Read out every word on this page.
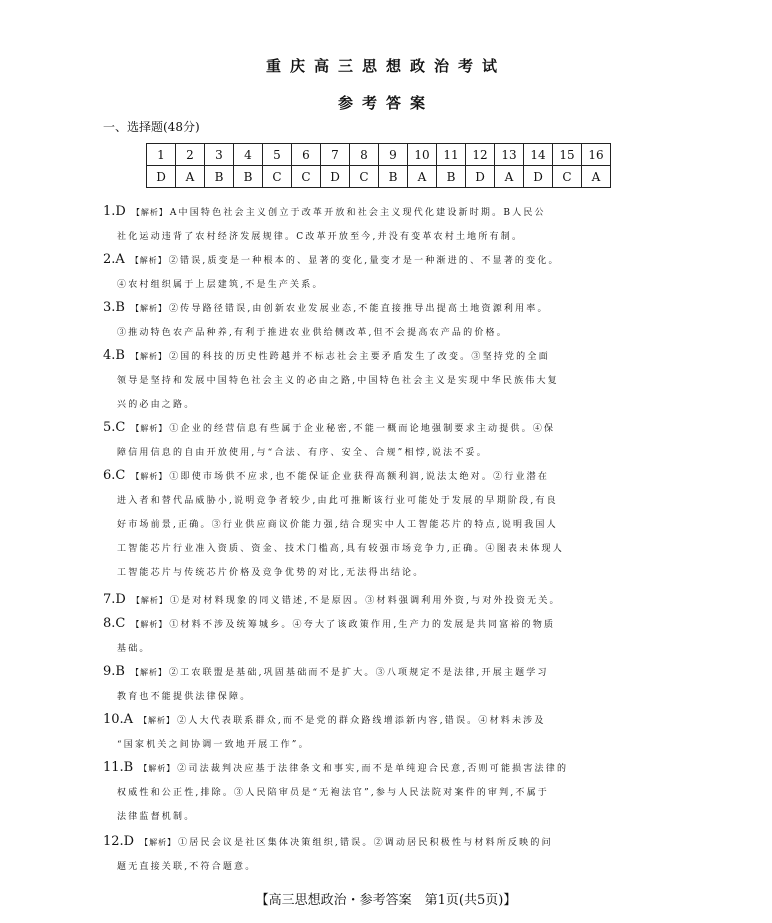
重庆高三思想政治考试
参考答案
一、选择题(48分)
1	2	3	4	5	6	7	8	9	10	11	12	13	14	15	16
D	A	B	B	C	C	D	C	B	A	B	D	A	D	C	A
1.D 【解析】 A中国特色社会主义创立于改革开放和社会主义现代化建设新时期。B人民公
社化运动违背了农村经济发展规律。C改革开放至今,并没有变革农村土地所有制。
2.A 【解析】 ②错误,质变是一种根本的、显著的变化,量变才是一种渐进的、不显著的变化。
④农村组织属于上层建筑,不是生产关系。
3.B 【解析】 ②传导路径错误,由创新农业发展业态,不能直接推导出提高土地资源利用率。
③推动特色农产品种养,有利于推进农业供给侧改革,但不会提高农产品的价格。
4.B 【解析】 ②国的科技的历史性跨越并不标志社会主要矛盾发生了改变。③坚持党的全面
领导是坚持和发展中国特色社会主义的必由之路,中国特色社会主义是实现中华民族伟大复
兴的必由之路。
5.C 【解析】 ①企业的经营信息有些属于企业秘密,不能一概而论地强制要求主动提供。④保
障信用信息的自由开放使用,与“合法、有序、安全、合规”相悖,说法不妥。
6.C 【解析】 ①即使市场供不应求,也不能保证企业获得高额利润,说法太绝对。②行业潜在
进入者和替代品威胁小,说明竞争者较少,由此可推断该行业可能处于发展的早期阶段,有良
好市场前景,正确。③行业供应商议价能力强,结合现实中人工智能芯片的特点,说明我国人
工智能芯片行业准入资质、资金、技术门槛高,具有较强市场竞争力,正确。④图表未体现人
工智能芯片与传统芯片价格及竞争优势的对比,无法得出结论。
7.D 【解析】 ①是对材料现象的同义错述,不是原因。③材料强调利用外资,与对外投资无关。
8.C 【解析】 ①材料不涉及统筹城乡。④夸大了该政策作用,生产力的发展是共同富裕的物质
基础。
9.B 【解析】 ②工农联盟是基础,巩固基础而不是扩大。③八项规定不是法律,开展主题学习
教育也不能提供法律保障。
10.A 【解析】 ②人大代表联系群众,而不是党的群众路线增添新内容,错误。④材料未涉及
“国家机关之间协调一致地开展工作”。
11.B 【解析】 ②司法裁判决应基于法律条文和事实,而不是单纯迎合民意,否则可能损害法律的
权威性和公正性,排除。③人民陪审员是“无袍法官”,参与人民法院对案件的审判,不属于
法律监督机制。
12.D 【解析】 ①居民会议是社区集体决策组织,错误。②调动居民积极性与材料所反映的问
题无直接关联,不符合题意。
【高三思想政治・参考答案　第1页(共5页)】
